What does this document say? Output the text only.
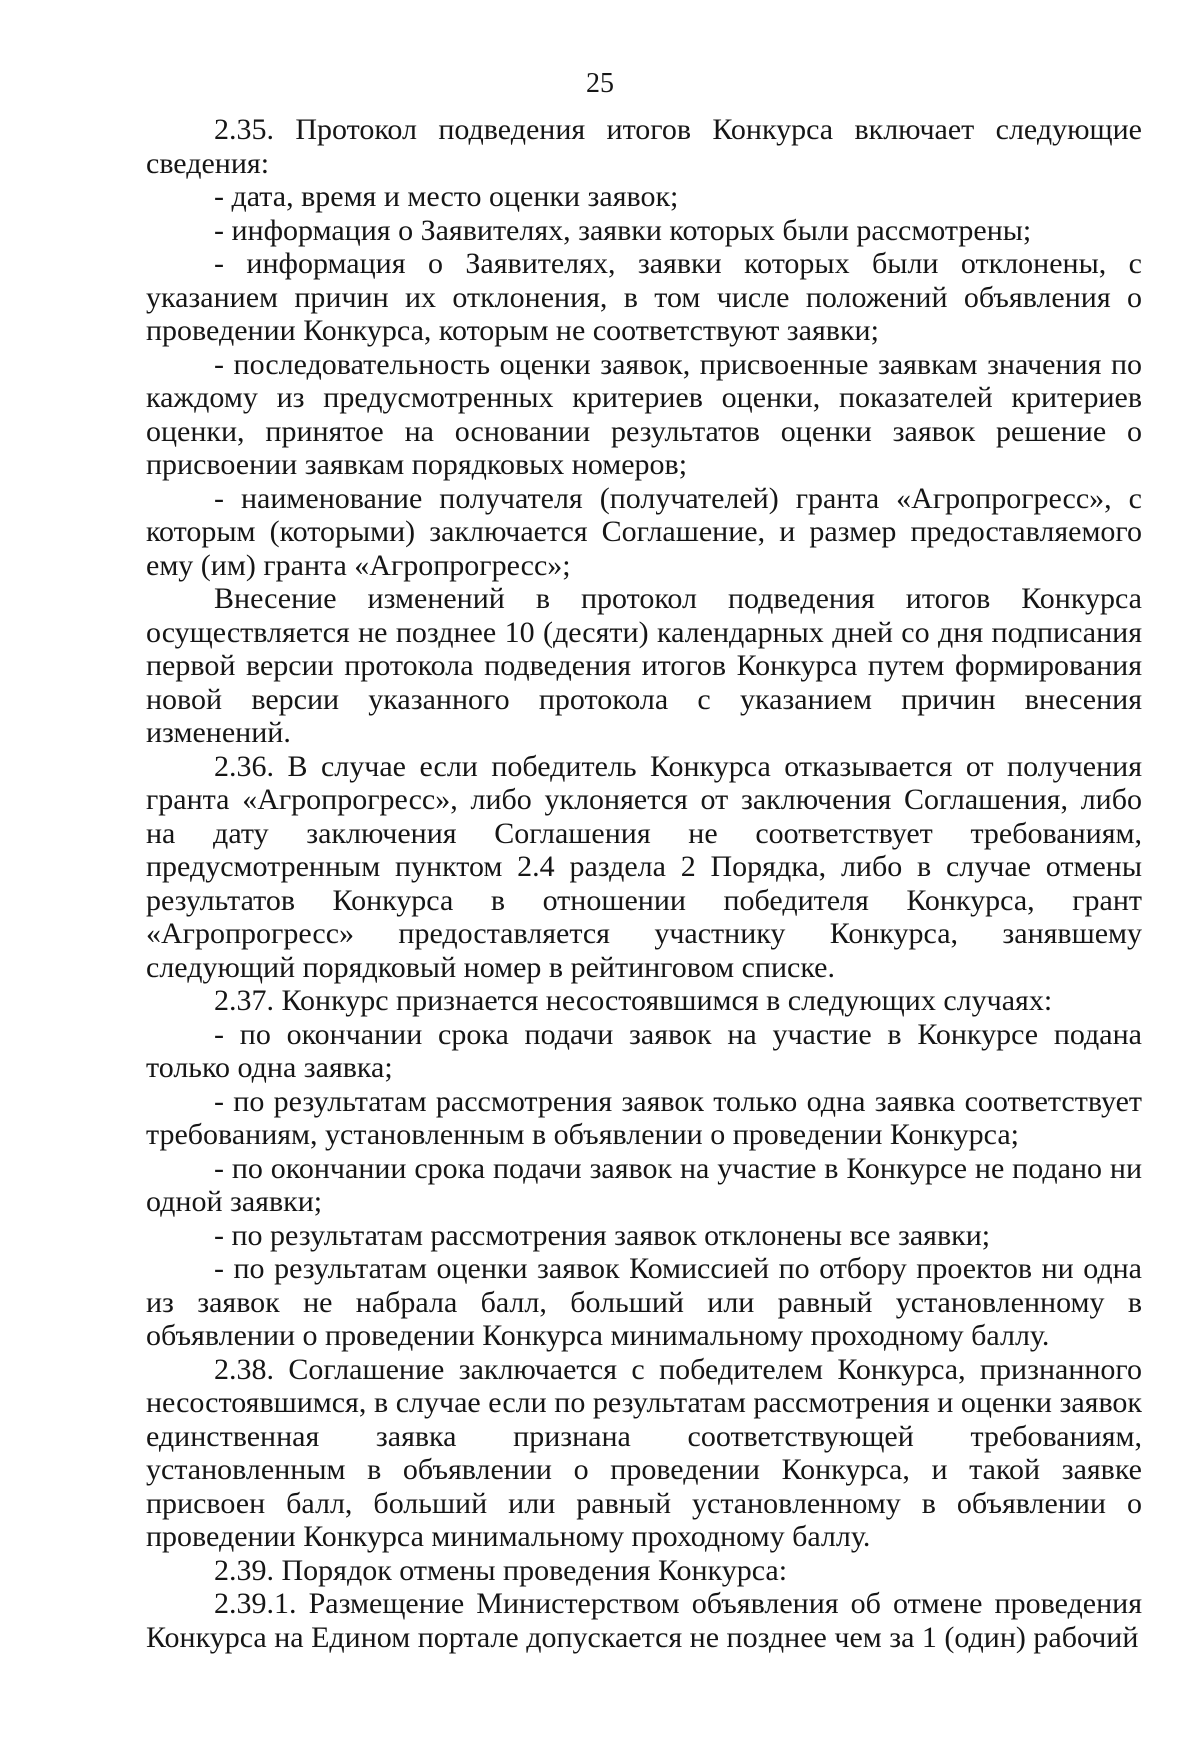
25

2.35. Протокол подведения итогов Конкурса включает следующие сведения:

- дата, время и место оценки заявок;

- информация о Заявителях, заявки которых были рассмотрены;

- информация о Заявителях, заявки которых были отклонены, с указанием причин их отклонения, в том числе положений объявления о проведении Конкурса, которым не соответствуют заявки;

- последовательность оценки заявок, присвоенные заявкам значения по каждому из предусмотренных критериев оценки, показателей критериев оценки, принятое на основании результатов оценки заявок решение о присвоении заявкам порядковых номеров;

- наименование получателя (получателей) гранта «Агропрогресс», с которым (которыми) заключается Соглашение, и размер предоставляемого ему (им) гранта «Агропрогресс»;

Внесение изменений в протокол подведения итогов Конкурса осуществляется не позднее 10 (десяти) календарных дней со дня подписания первой версии протокола подведения итогов Конкурса путем формирования новой версии указанного протокола с указанием причин внесения изменений.

2.36. В случае если победитель Конкурса отказывается от получения гранта «Агропрогресс», либо уклоняется от заключения Соглашения, либо на дату заключения Соглашения не соответствует требованиям, предусмотренным пунктом 2.4 раздела 2 Порядка, либо в случае отмены результатов Конкурса в отношении победителя Конкурса, грант «Агропрогресс» предоставляется участнику Конкурса, занявшему следующий порядковый номер в рейтинговом списке.

2.37. Конкурс признается несостоявшимся в следующих случаях:

- по окончании срока подачи заявок на участие в Конкурсе подана только одна заявка;

- по результатам рассмотрения заявок только одна заявка соответствует требованиям, установленным в объявлении о проведении Конкурса;

- по окончании срока подачи заявок на участие в Конкурсе не подано ни одной заявки;

- по результатам рассмотрения заявок отклонены все заявки;

- по результатам оценки заявок Комиссией по отбору проектов ни одна из заявок не набрала балл, больший или равный установленному в объявлении о проведении Конкурса минимальному проходному баллу.

2.38. Соглашение заключается с победителем Конкурса, признанного несостоявшимся, в случае если по результатам рассмотрения и оценки заявок единственная заявка признана соответствующей требованиям, установленным в объявлении о проведении Конкурса, и такой заявке присвоен балл, больший или равный установленному в объявлении о проведении Конкурса минимальному проходному баллу.

2.39. Порядок отмены проведения Конкурса:

2.39.1. Размещение Министерством объявления об отмене проведения Конкурса на Едином портале допускается не позднее чем за 1 (один) рабочий
